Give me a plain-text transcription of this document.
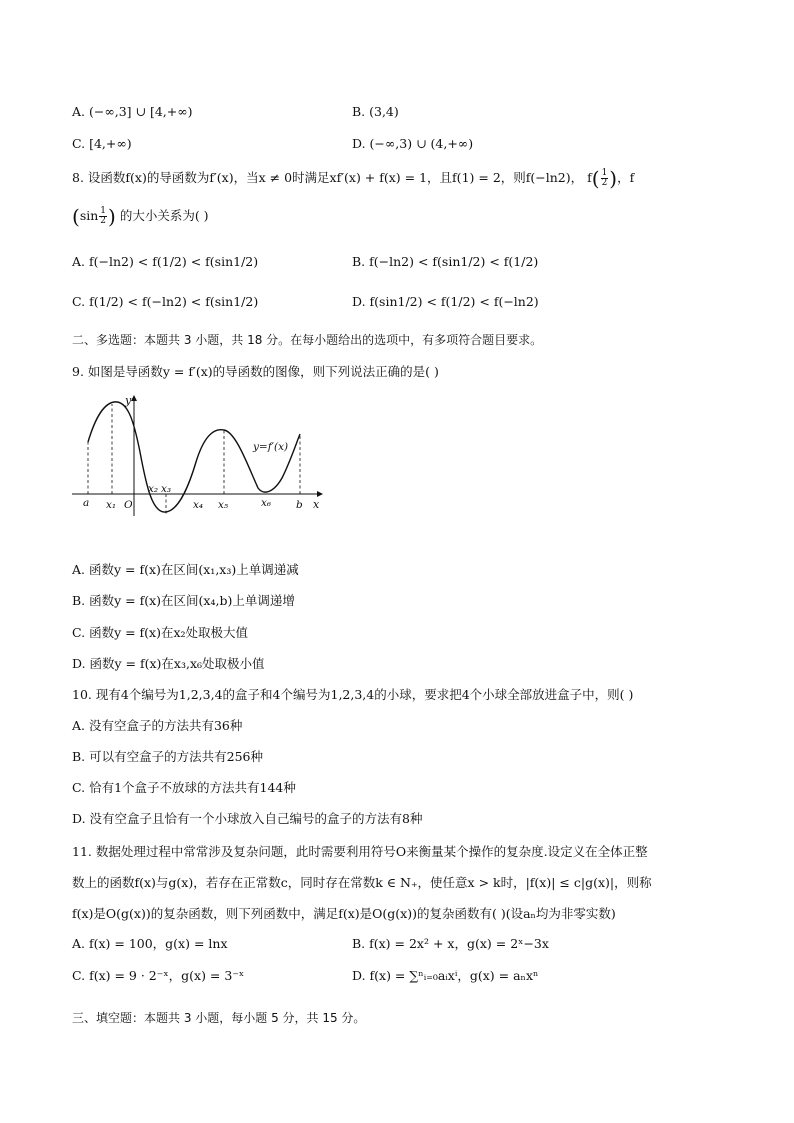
A. (−∞,3] ∪ [4,+∞)	B. (3,4)
C. [4,+∞)	D. (−∞,3) ∪ (4,+∞)
8. 设函数f(x)的导函数为f′(x)，当x ≠ 0时满足xf′(x) + f(x) = 1，且f(1) = 2，则f(−ln2)， $f( \frac{1}{2}$ )，f
($\sin \frac{1}{2}$ ) 的大小关系为( )
A. f(−ln2) < f(1/2) < f(sin1/2)	B. f(−ln2) < f(sin1/2) < f(1/2)
C. f(1/2) < f(−ln2) < f(sin1/2)	D. f(sin1/2) < f(1/2) < f(−ln2)
二、多选题：本题共 3 小题，共 18 分。在每小题给出的选项中，有多项符合题目要求。
9. 如图是导函数y = f′(x)的导函数的图像，则下列说法正确的是( )
y
x
y=f′(x)
O
a x₁
x₂ x₃
x₄ x₅	x₆ b
A. 函数y = f(x)在区间(x₁,x₃)上单调递减
B. 函数y = f(x)在区间(x₄,b)上单调递增
C. 函数y = f(x)在x₂处取极大值
D. 函数y = f(x)在x₃,x₆处取极小值
10. 现有4个编号为1,2,3,4的盒子和4个编号为1,2,3,4的小球，要求把4个小球全部放进盒子中，则( )
A. 没有空盒子的方法共有36种
B. 可以有空盒子的方法共有256种
C. 恰有1个盒子不放球的方法共有144种
D. 没有空盒子且恰有一个小球放入自己编号的盒子的方法有8种
11. 数据处理过程中常常涉及复杂问题，此时需要利用符号O来衡量某个操作的复杂度.设定义在全体正整
数上的函数f(x)与g(x)，若存在正常数c，同时存在常数k ∈ N₊，使任意x > k时，|f(x)| ≤ c|g(x)|，则称
f(x)是O(g(x))的复杂函数，则下列函数中，满足f(x)是O(g(x))的复杂函数有( )(设aₙ均为非零实数)
A. f(x) = 100，g(x) = lnx	B. f(x) = 2x² + x，g(x) = 2ˣ−3x
C. f(x) = 9 · 2⁻ˣ，g(x) = 3⁻ˣ	D. f(x) = ∑ⁿᵢ₌₀aᵢxⁱ，g(x) = aₙxⁿ
三、填空题：本题共 3 小题，每小题 5 分，共 15 分。
